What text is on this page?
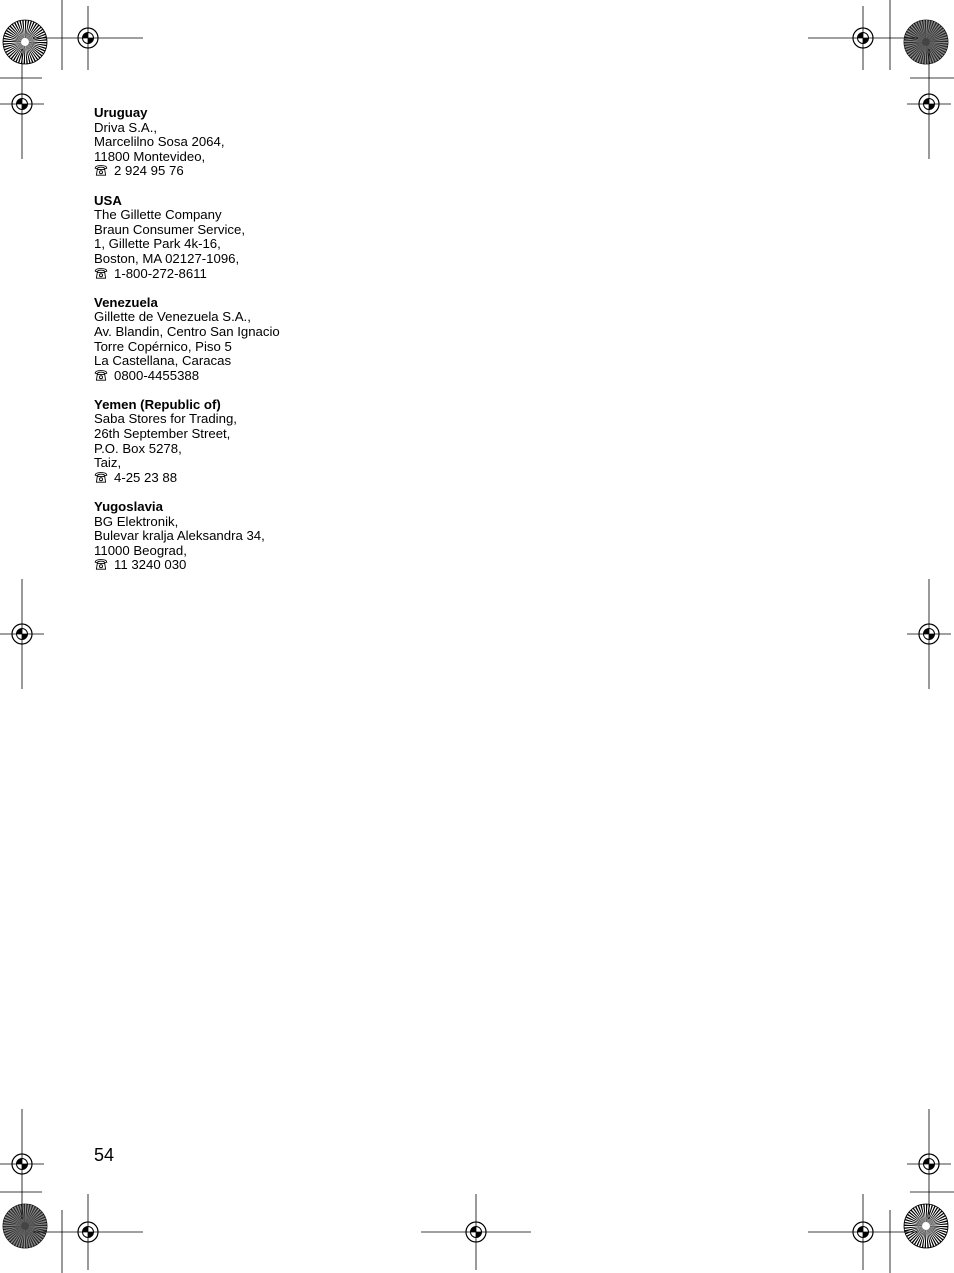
Uruguay
Driva S.A.,
Marcelilno Sosa 2064,
11800 Montevideo,
2 924 95 76
USA
The Gillette Company
Braun Consumer Service,
1, Gillette Park 4k-16,
Boston, MA 02127-1096,
1-800-272-8611
Venezuela
Gillette de Venezuela S.A.,
Av. Blandin, Centro San Ignacio
Torre Copérnico, Piso 5
La Castellana, Caracas
0800-4455388
Yemen (Republic of)
Saba Stores for Trading,
26th September Street,
P.O. Box 5278,
Taiz,
4-25 23 88
Yugoslavia
BG Elektronik,
Bulevar kralja Aleksandra 34,
11000 Beograd,
11 3240 030
54
